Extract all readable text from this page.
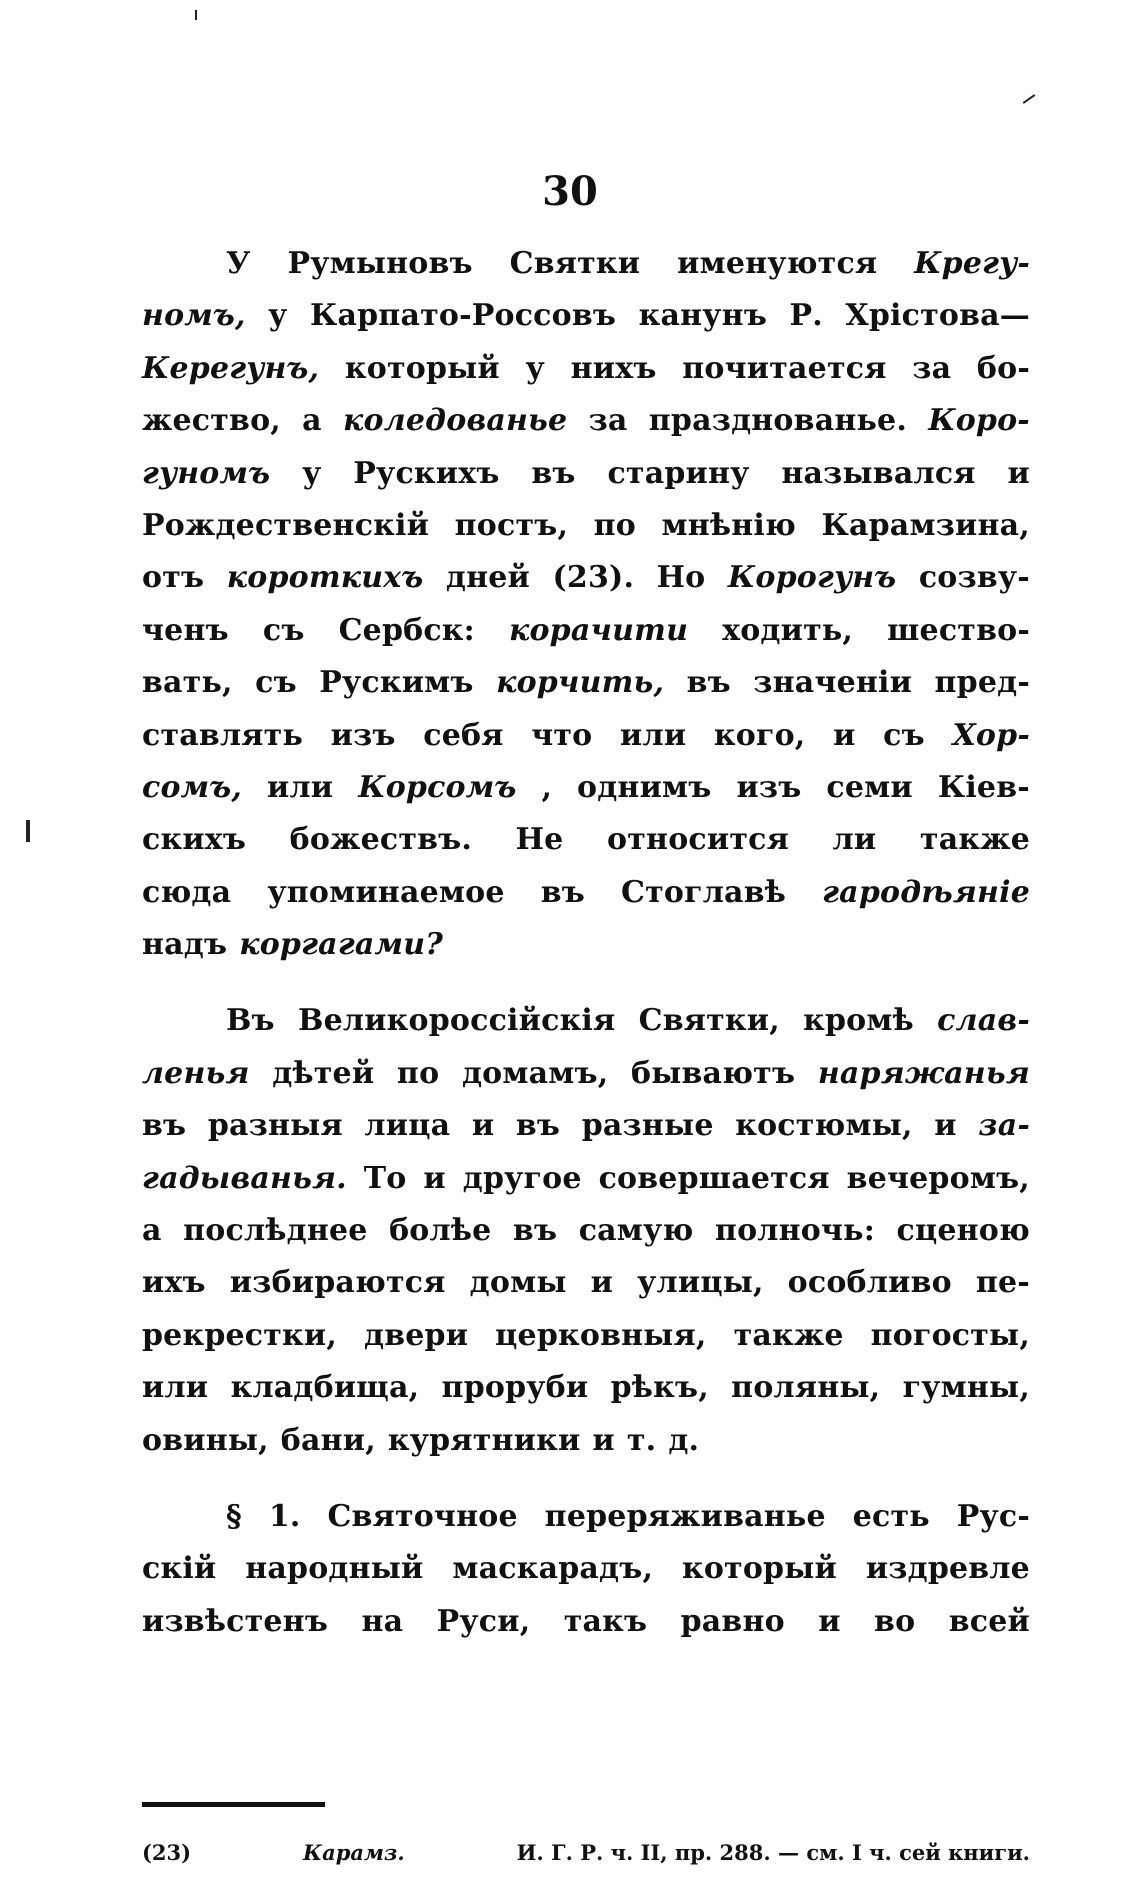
30
У Румыновъ Святки именуются Крегу-
номъ, у Карпато-Россовъ канунъ Р. Хрістова—
Керегунъ, который у нихъ почитается за бо-
жество, а коледованье за празднованье. Коро-
гуномъ у Рускихъ въ старину назывался и
Рождественскій постъ, по мнѣнію Карамзина,
отъ короткихъ дней (23). Но Корогунъ созву-
ченъ съ Сербск: корачити ходить, шество-
вать, съ Рускимъ корчить, въ значеніи пред-
ставлять изъ себя что или кого, и съ Хор-
сомъ, или Корсомъ , однимъ изъ семи Кіев-
скихъ божествъ. Не относится ли также
сюда упоминаемое въ Стоглавѣ гародѣяніе
надъ коргагами?
Въ Великороссійскія Святки, кромѣ слав-
ленья дѣтей по домамъ, бываютъ наряжанья
въ разныя лица и въ разные костюмы, и за-
гадыванья. То и другое совершается вечеромъ,
а послѣднее болѣе въ самую полночь: сценою
ихъ избираются домы и улицы, особливо пе-
рекрестки, двери церковныя, также погосты,
или кладбища, проруби рѣкъ, поляны, гумны,
овины, бани, курятники и т. д.
§ 1. Святочное переряживанье есть Рус-
скій народный маскарадъ, который издревле
извѣстенъ на Руси, такъ равно и во всей
(23)	Карамз.	И. Г. Р. ч. II, пр. 288. — см. I ч. сей книги.
